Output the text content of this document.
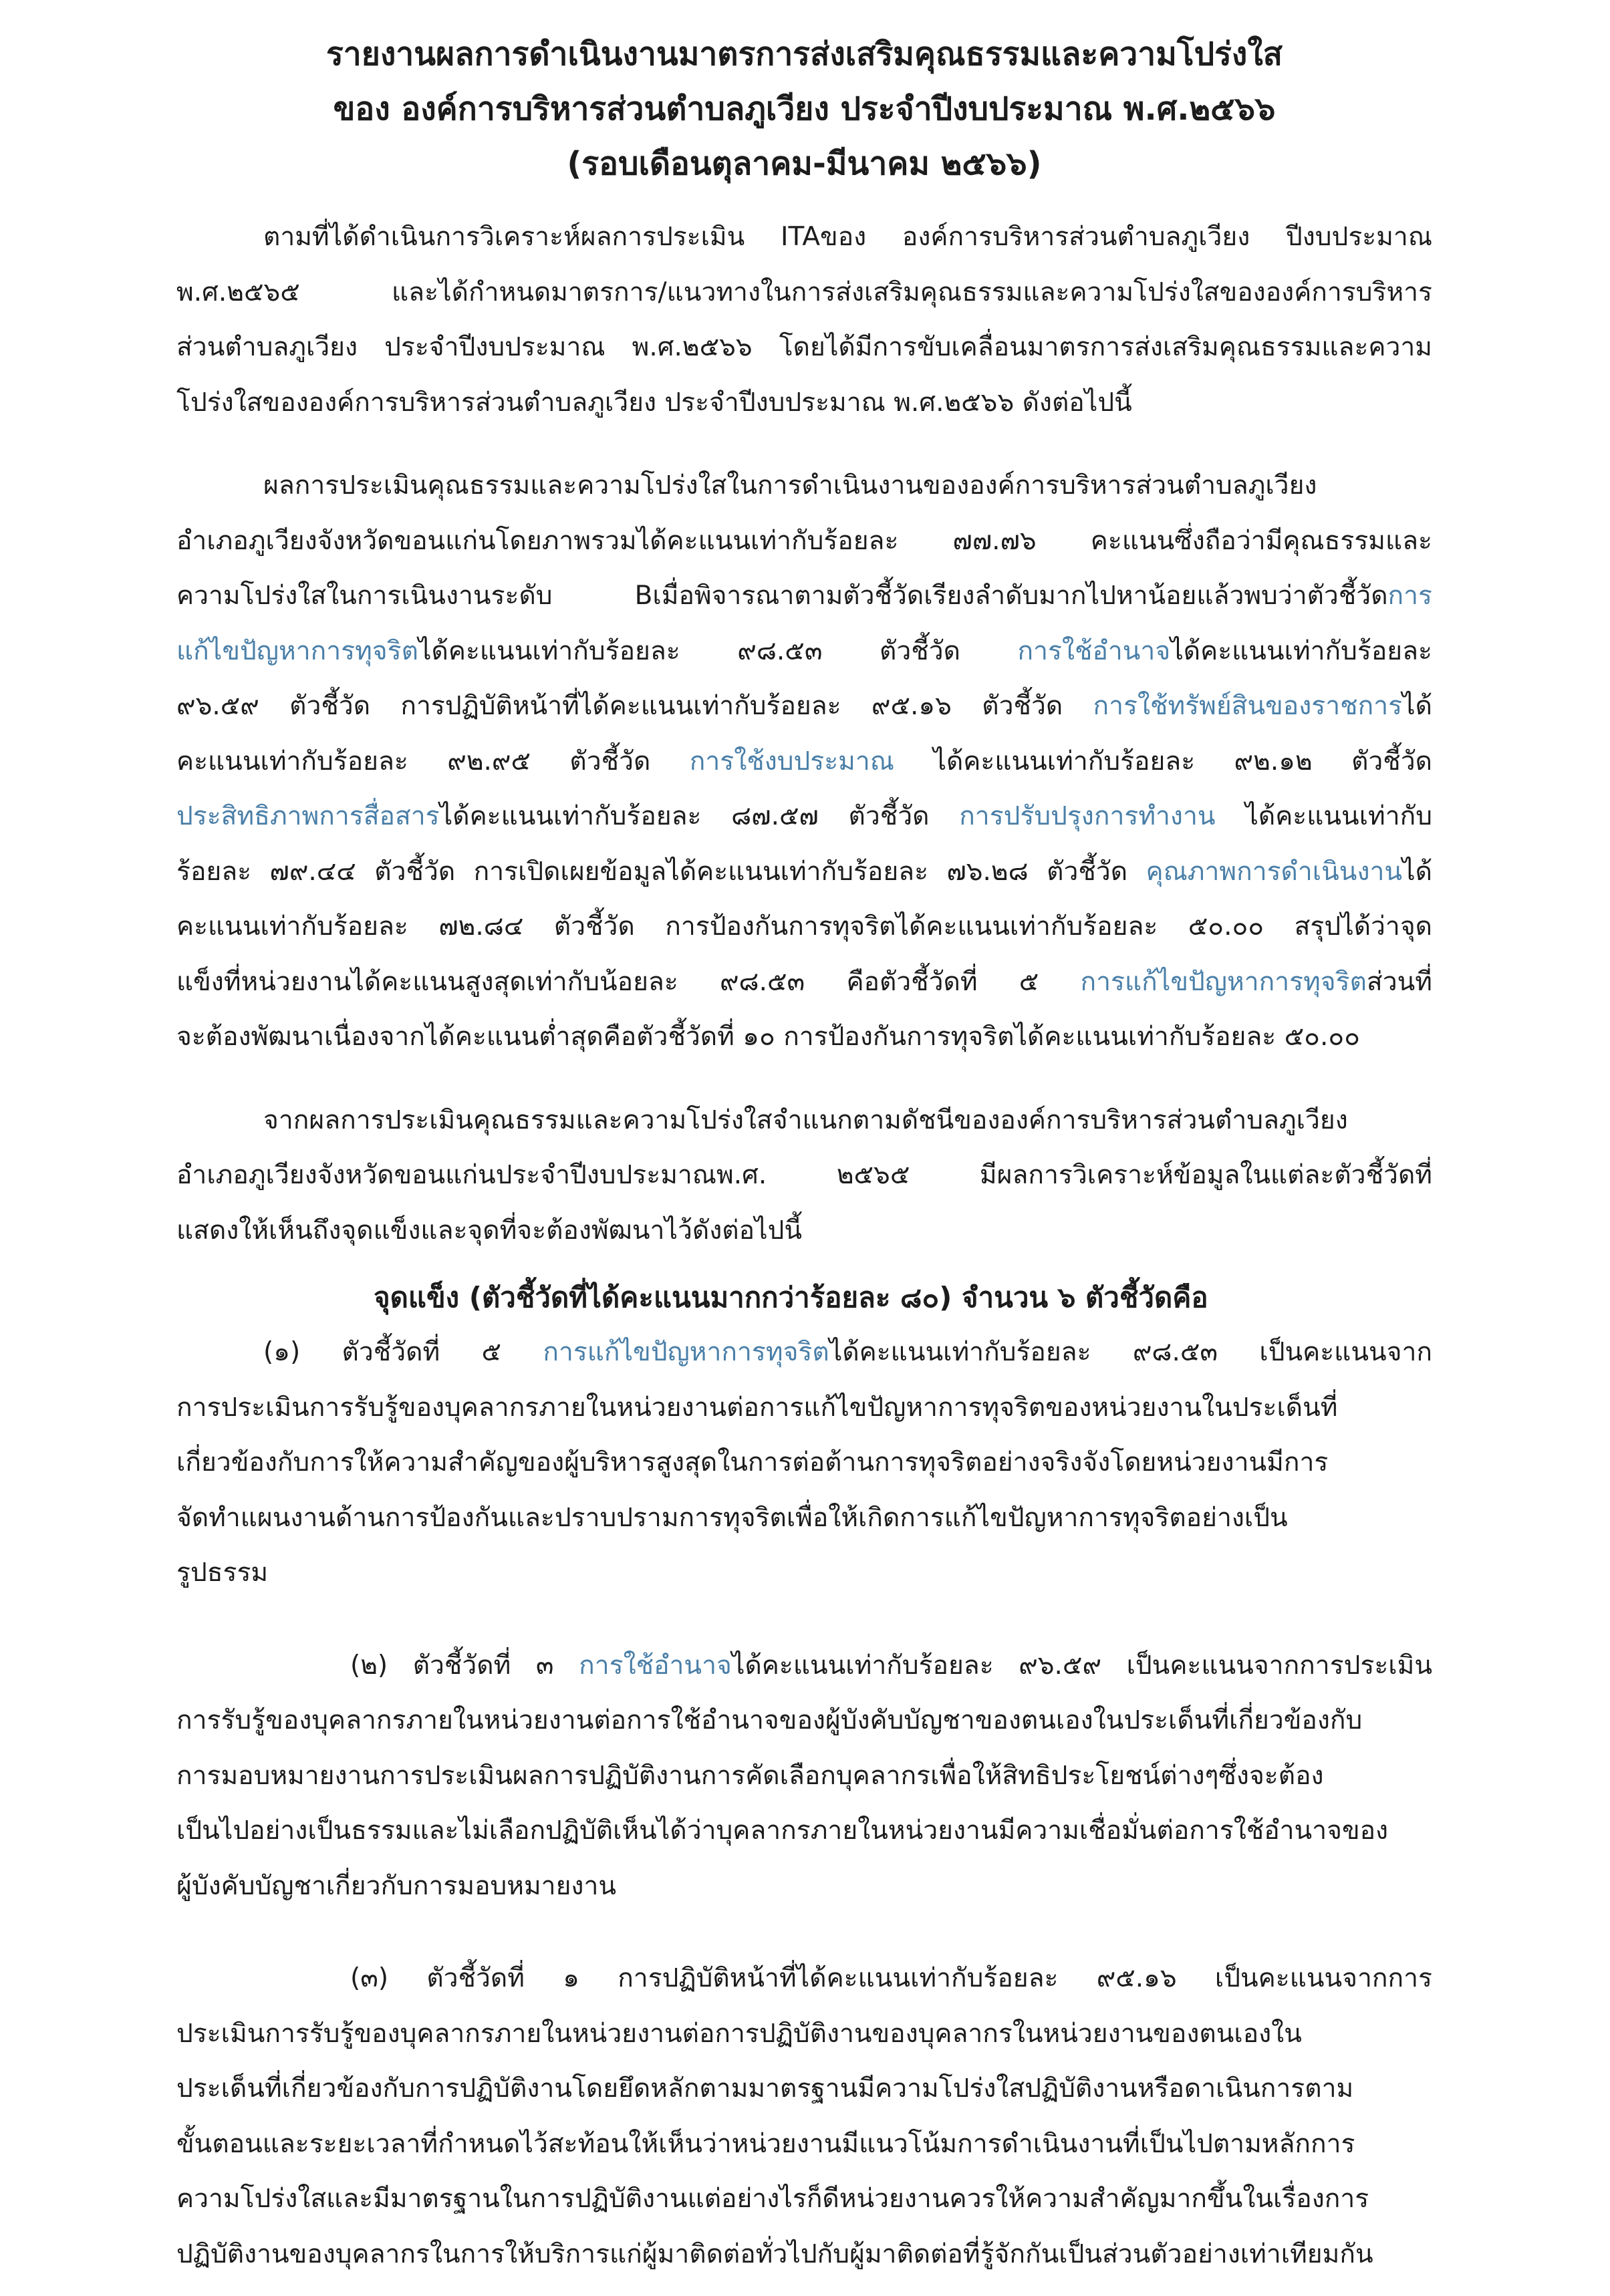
รายงานผลการดำเนินงานมาตรการส่งเสริมคุณธรรมและความโปร่งใส
ของ องค์การบริหารส่วนตำบลภูเวียง ประจำปีงบประมาณ พ.ศ.๒๕๖๖
(รอบเดือนตุลาคม-มีนาคม ๒๕๖๖)
ตามที่ได้ดำเนินการวิเคราะห์ผลการประเมิน ITAของ องค์การบริหารส่วนตำบลภูเวียง ปีงบประมาณ
พ.ศ.๒๕๖๕ และได้กำหนดมาตรการ/แนวทางในการส่งเสริมคุณธรรมและความโปร่งใสขององค์การบริหาร
ส่วนตำบลภูเวียง ประจำปีงบประมาณ พ.ศ.๒๕๖๖ โดยได้มีการขับเคลื่อนมาตรการส่งเสริมคุณธรรมและความ
โปร่งใสขององค์การบริหารส่วนตำบลภูเวียง ประจำปีงบประมาณ พ.ศ.๒๕๖๖ ดังต่อไปนี้
ผลการประเมินคุณธรรมและความโปร่งใสในการดำเนินงานขององค์การบริหารส่วนตำบลภูเวียง
อำเภอภูเวียงจังหวัดขอนแก่นโดยภาพรวมได้คะแนนเท่ากับร้อยละ ๗๗.๗๖ คะแนนซึ่งถือว่ามีคุณธรรมและ
ความโปร่งใสในการเนินงานระดับ Bเมื่อพิจารณาตามตัวชี้วัดเรียงลำดับมากไปหาน้อยแล้วพบว่าตัวชี้วัดการ
แก้ไขปัญหาการทุจริตได้คะแนนเท่ากับร้อยละ ๙๘.๕๓ ตัวชี้วัด การใช้อำนาจได้คะแนนเท่ากับร้อยละ
๙๖.๕๙ ตัวชี้วัด การปฏิบัติหน้าที่ได้คะแนนเท่ากับร้อยละ ๙๕.๑๖ ตัวชี้วัด การใช้ทรัพย์สินของราชการได้
คะแนนเท่ากับร้อยละ ๙๒.๙๕ ตัวชี้วัด การใช้งบประมาณ ได้คะแนนเท่ากับร้อยละ ๙๒.๑๒ ตัวชี้วัด
ประสิทธิภาพการสื่อสารได้คะแนนเท่ากับร้อยละ ๘๗.๕๗ ตัวชี้วัด การปรับปรุงการทำงาน ได้คะแนนเท่ากับ
ร้อยละ ๗๙.๔๔ ตัวชี้วัด การเปิดเผยข้อมูลได้คะแนนเท่ากับร้อยละ ๗๖.๒๘ ตัวชี้วัด คุณภาพการดำเนินงานได้
คะแนนเท่ากับร้อยละ ๗๒.๘๔ ตัวชี้วัด การป้องกันการทุจริตได้คะแนนเท่ากับร้อยละ ๕๐.๐๐ สรุปได้ว่าจุด
แข็งที่หน่วยงานได้คะแนนสูงสุดเท่ากับน้อยละ ๙๘.๕๓ คือตัวชี้วัดที่ ๕ การแก้ไขปัญหาการทุจริตส่วนที่
จะต้องพัฒนาเนื่องจากได้คะแนนต่ำสุดคือตัวชี้วัดที่ ๑๐ การป้องกันการทุจริตได้คะแนนเท่ากับร้อยละ ๕๐.๐๐
จากผลการประเมินคุณธรรมและความโปร่งใสจำแนกตามดัชนีขององค์การบริหารส่วนตำบลภูเวียง
อำเภอภูเวียงจังหวัดขอนแก่นประจำปีงบประมาณพ.ศ. ๒๕๖๕ มีผลการวิเคราะห์ข้อมูลในแต่ละตัวชี้วัดที่
แสดงให้เห็นถึงจุดแข็งและจุดที่จะต้องพัฒนาไว้ดังต่อไปนี้
จุดแข็ง (ตัวชี้วัดที่ได้คะแนนมากกว่าร้อยละ ๘๐) จำนวน ๖ ตัวชี้วัดคือ
(๑) ตัวชี้วัดที่ ๕ การแก้ไขปัญหาการทุจริตได้คะแนนเท่ากับร้อยละ ๙๘.๕๓ เป็นคะแนนจาก
การประเมินการรับรู้ของบุคลากรภายในหน่วยงานต่อการแก้ไขปัญหาการทุจริตของหน่วยงานในประเด็นที่
เกี่ยวข้องกับการให้ความสำคัญของผู้บริหารสูงสุดในการต่อต้านการทุจริตอย่างจริงจังโดยหน่วยงานมีการ
จัดทำแผนงานด้านการป้องกันและปราบปรามการทุจริตเพื่อให้เกิดการแก้ไขปัญหาการทุจริตอย่างเป็น
รูปธรรม
(๒) ตัวชี้วัดที่ ๓ การใช้อำนาจได้คะแนนเท่ากับร้อยละ ๙๖.๕๙ เป็นคะแนนจากการประเมิน
การรับรู้ของบุคลากรภายในหน่วยงานต่อการใช้อำนาจของผู้บังคับบัญชาของตนเองในประเด็นที่เกี่ยวข้องกับ
การมอบหมายงานการประเมินผลการปฏิบัติงานการคัดเลือกบุคลากรเพื่อให้สิทธิประโยชน์ต่างๆซึ่งจะต้อง
เป็นไปอย่างเป็นธรรมและไม่เลือกปฏิบัติเห็นได้ว่าบุคลากรภายในหน่วยงานมีความเชื่อมั่นต่อการใช้อำนาจของ
ผู้บังคับบัญชาเกี่ยวกับการมอบหมายงาน
(๓) ตัวชี้วัดที่ ๑ การปฏิบัติหน้าที่ได้คะแนนเท่ากับร้อยละ ๙๕.๑๖ เป็นคะแนนจากการ
ประเมินการรับรู้ของบุคลากรภายในหน่วยงานต่อการปฏิบัติงานของบุคลากรในหน่วยงานของตนเองใน
ประเด็นที่เกี่ยวข้องกับการปฏิบัติงานโดยยึดหลักตามมาตรฐานมีความโปร่งใสปฏิบัติงานหรือดาเนินการตาม
ขั้นตอนและระยะเวลาที่กำหนดไว้สะท้อนให้เห็นว่าหน่วยงานมีแนวโน้มการดำเนินงานที่เป็นไปตามหลักการ
ความโปร่งใสและมีมาตรฐานในการปฏิบัติงานแต่อย่างไรก็ดีหน่วยงานควรให้ความสำคัญมากขึ้นในเรื่องการ
ปฏิบัติงานของบุคลากรในการให้บริการแก่ผู้มาติดต่อทั่วไปกับผู้มาติดต่อที่รู้จักกันเป็นส่วนตัวอย่างเท่าเทียมกัน
